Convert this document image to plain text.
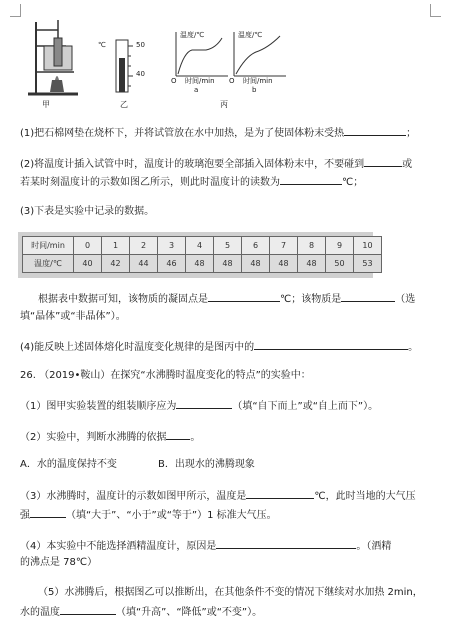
甲
℃	50
40
乙
温度/℃
O 时间/min
a
温度/℃
O 时间/min
b
丙
(1)把石棉网垫在烧杯下，并将试管放在水中加热，是为了使固体粉末受热	；
(2)将温度计插入试管中时，温度计的玻璃泡要全部插入固体粉末中，不要碰到	或
若某时刻温度计的示数如图乙所示，则此时温度计的读数为	℃；
(3)下表是实验中记录的数据。
时间/min	0	1	2	3	4	5	6	7	8	9	10
温度/℃	40	42	44	46	48	48	48	48	48	50	53
根据表中数据可知，该物质的凝固点是	℃；该物质是	（选
填“晶体”或“非晶体”）。
(4)能反映上述固体熔化时温度变化规律的是图丙中的	。
26. （2019•鞍山）在探究“水沸腾时温度变化的特点”的实验中：
（1）图甲实验装置的组装顺序应为	（填“自下而上”或“自上而下”）。
（2）实验中，判断水沸腾的依据 。
A．水的温度保持不变	B．出现水的沸腾现象
（3）水沸腾时，温度计的示数如图甲所示，温度是	℃，此时当地的大气压
强	（填“大于”、“小于”或“等于”）1 标准大气压。
（4）本实验中不能选择酒精温度计，原因是	。（酒精
的沸点是 78℃）
（5）水沸腾后，根据图乙可以推断出，在其他条件不变的情况下继续对水加热 2min，
水的温度	（填“升高”、“降低”或“不变”）。
